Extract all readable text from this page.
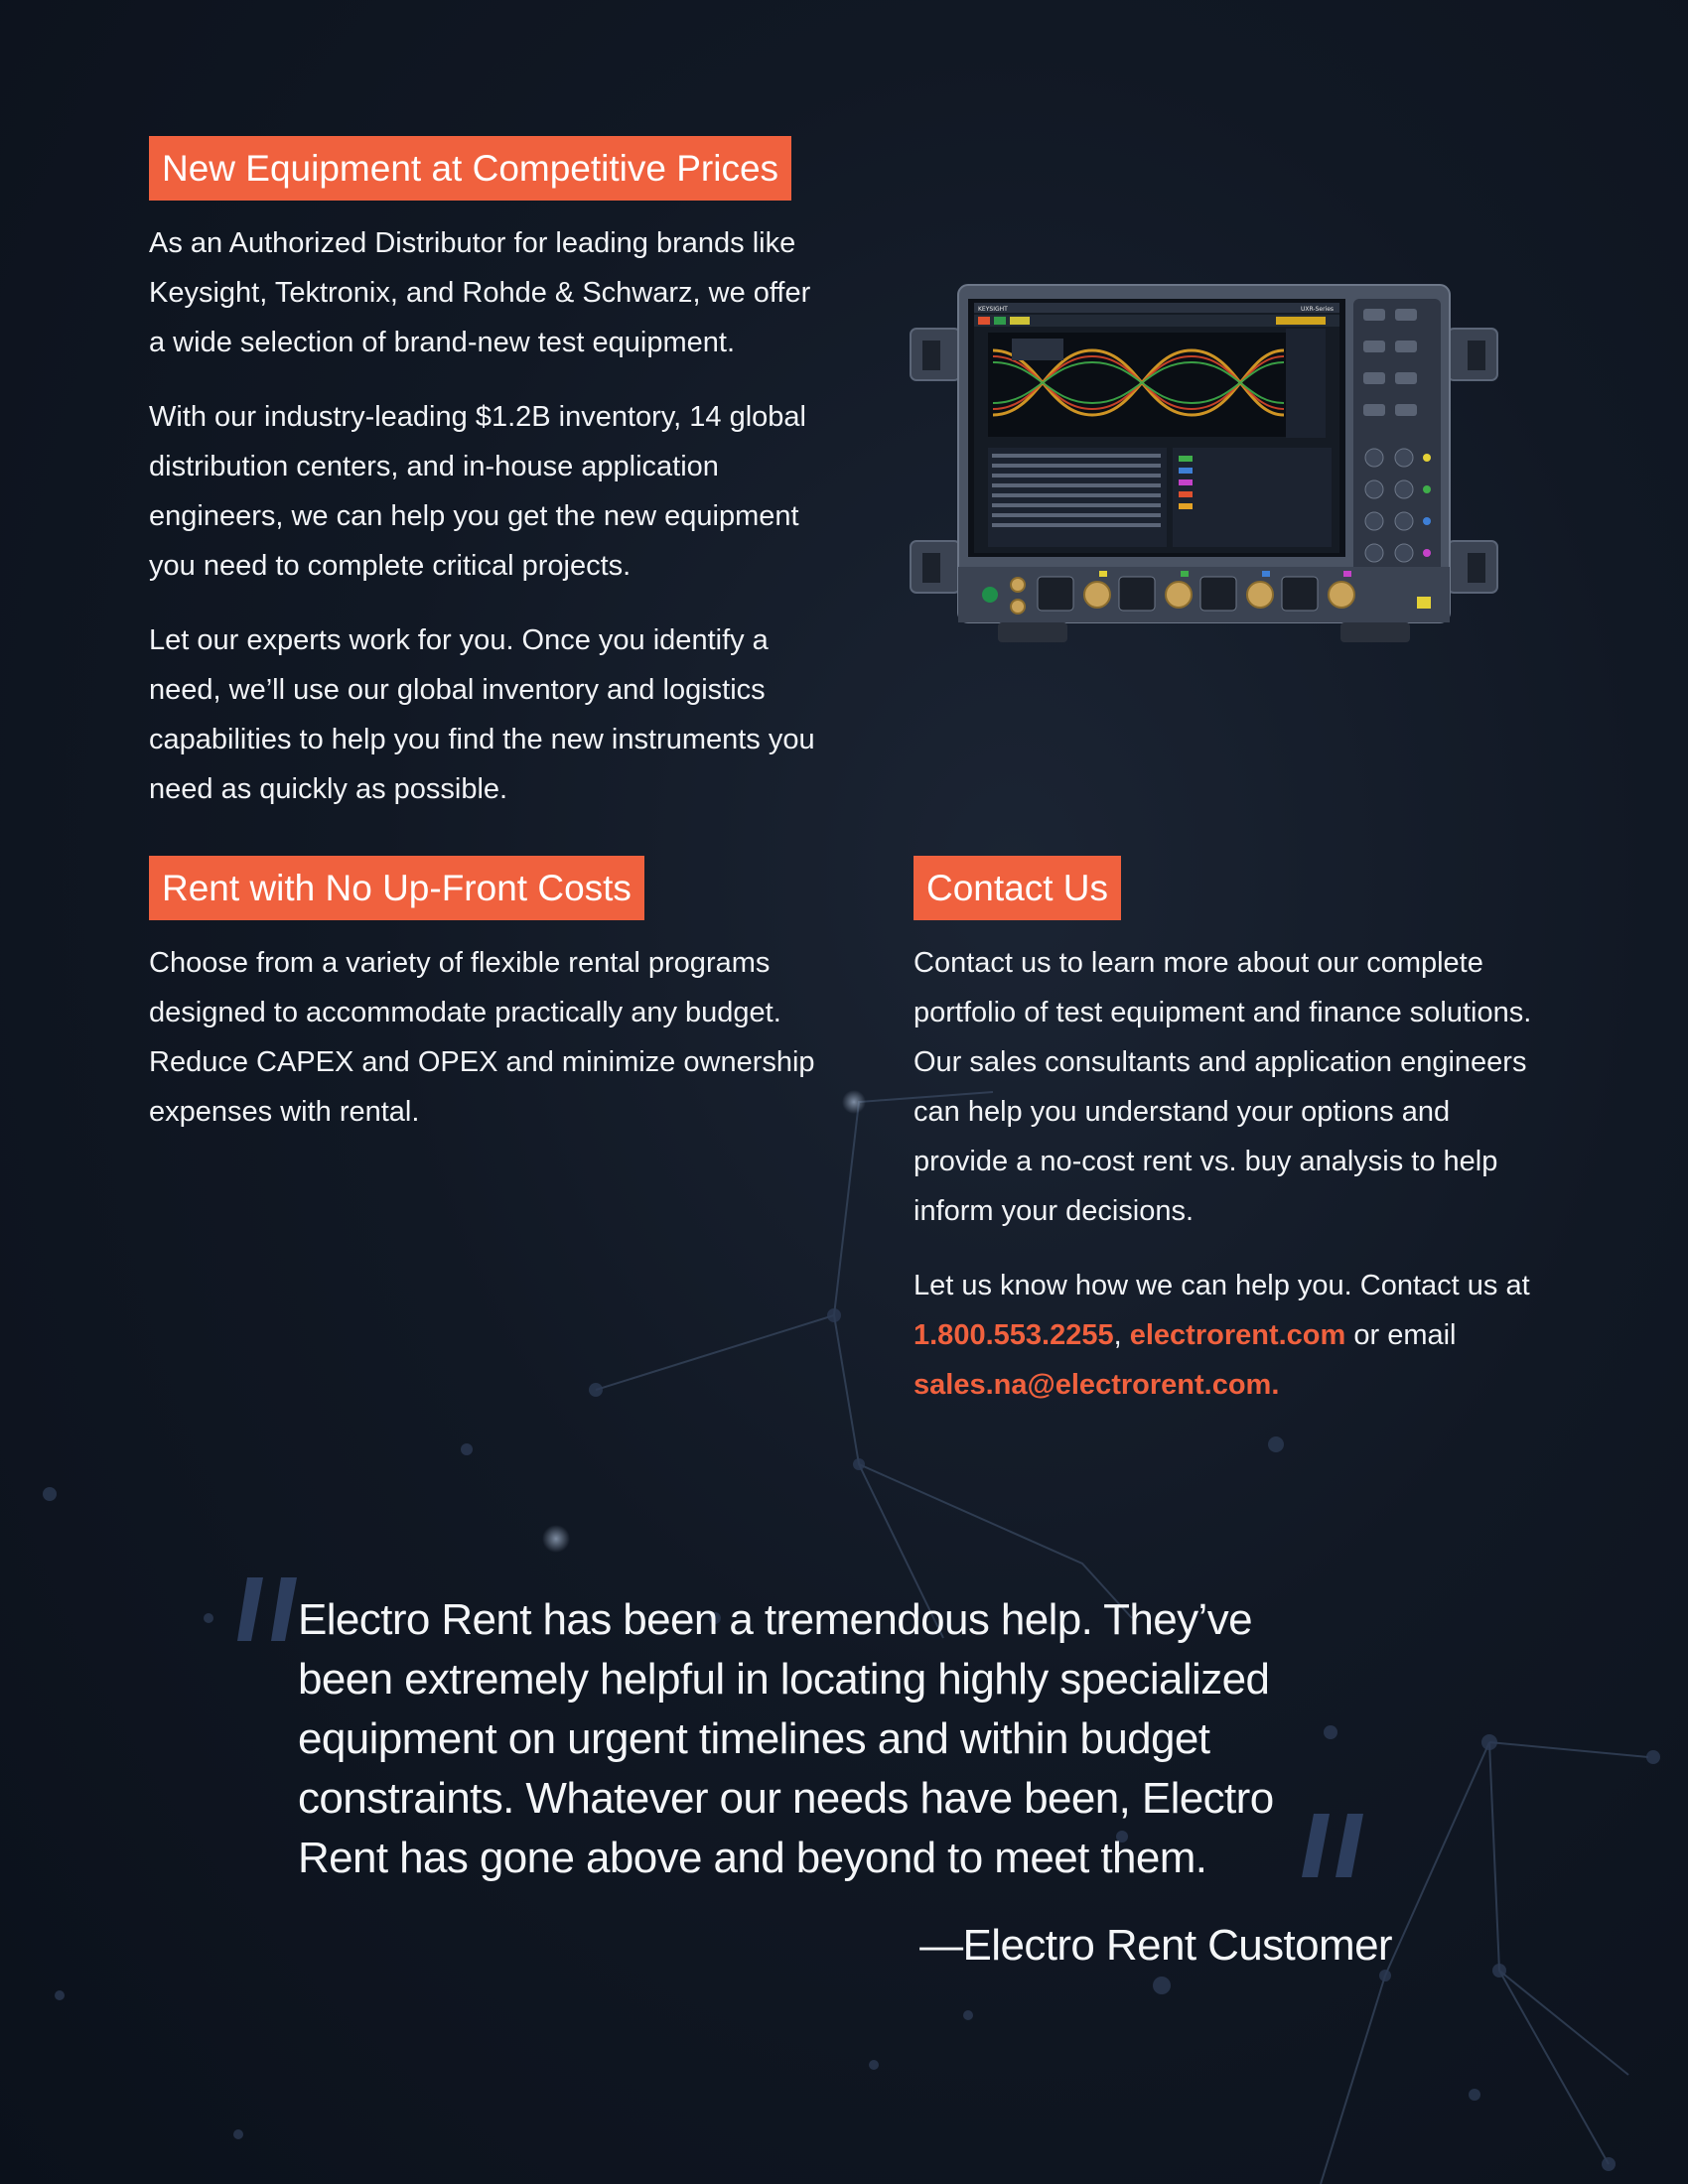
New Equipment at Competitive Prices

As an Authorized Distributor for leading brands like Keysight, Tektronix, and Rohde & Schwarz, we offer a wide selection of brand-new test equipment.

With our industry-leading $1.2B inventory, 14 global distribution centers, and in-house application engineers, we can help you get the new equipment you need to complete critical projects.

Let our experts work for you. Once you identify a need, we’ll use our global inventory and logistics capabilities to help you find the new instruments you need as quickly as possible.

KEYSIGHT	UXR-Series
Rent with No Up-Front Costs

Choose from a variety of flexible rental programs designed to accommodate practically any budget. Reduce CAPEX and OPEX and minimize ownership expenses with rental.

Contact Us

Contact us to learn more about our complete portfolio of test equipment and finance solutions. Our sales consultants and application engineers can help you understand your options and provide a no-cost rent vs. buy analysis to help inform your decisions.

Let us know how we can help you. Contact us at
1.800.553.2255, electrorent.com or email
sales.na@electrorent.com.

Electro Rent has been a tremendous help. They’ve been extremely helpful in locating highly specialized equipment on urgent timelines and within budget constraints. Whatever our needs have been, Electro Rent has gone above and beyond to meet them.

—Electro Rent Customer
